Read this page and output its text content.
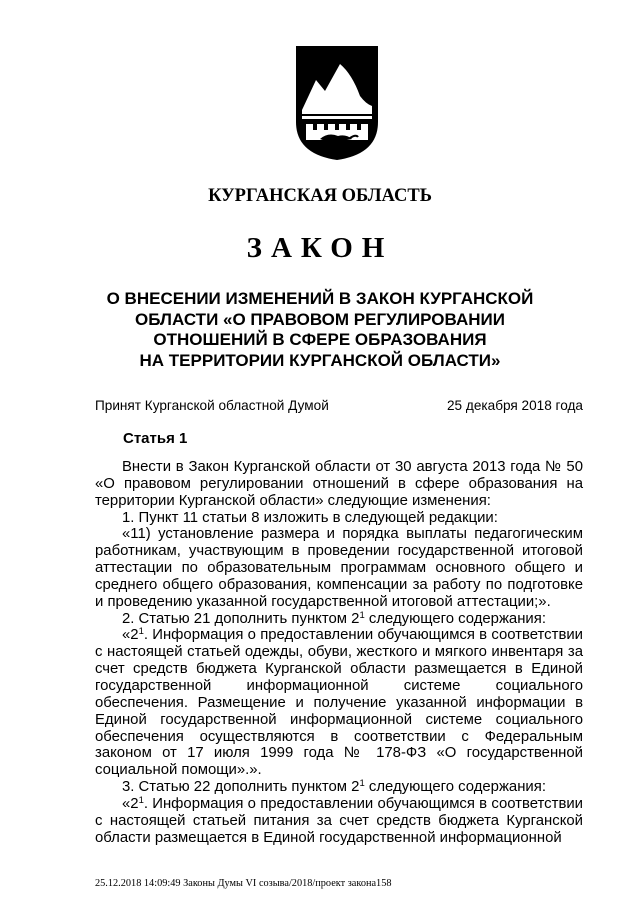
КУРГАНСКАЯ ОБЛАСТЬ
ЗАКОН
О ВНЕСЕНИИ ИЗМЕНЕНИЙ В ЗАКОН КУРГАНСКОЙ
ОБЛАСТИ «О ПРАВОВОМ РЕГУЛИРОВАНИИ
ОТНОШЕНИЙ В СФЕРЕ ОБРАЗОВАНИЯ
НА ТЕРРИТОРИИ КУРГАНСКОЙ ОБЛАСТИ»
Принят Курганской областной Думой	25 декабря 2018 года
Статья 1

Внести в Закон Курганской области от 30 августа 2013 года № 50 «О правовом регулировании отношений в сфере образования на территории Курганской области» следующие изменения:

1. Пункт 11 статьи 8 изложить в следующей редакции:

«11) установление размера и порядка выплаты педагогическим работникам, участвующим в проведении государственной итоговой аттестации по образовательным программам основного общего и среднего общего образования, компенсации за работу по подготовке и проведению указанной государственной итоговой аттестации;».

2. Статью 21 дополнить пунктом $2^1$ следующего содержания:

«$2^1$. Информация о предоставлении обучающимся в соответствии с настоящей статьей одежды, обуви, жесткого и мягкого инвентаря за счет средств бюджета Курганской области размещается в Единой государственной информационной системе социального обеспечения. Размещение и получение указанной информации в Единой государственной информационной системе социального обеспечения осуществляются в соответствии с Федеральным законом от 17 июля 1999 года № 178-ФЗ «О государственной социальной помощи».».

3. Статью 22 дополнить пунктом $2^1$ следующего содержания:

«$2^1$. Информация о предоставлении обучающимся в соответствии с настоящей статьей питания за счет средств бюджета Курганской области размещается в Единой государственной информационной

25.12.2018 14:09:49 Законы Думы VI созыва/2018/проект закона158
